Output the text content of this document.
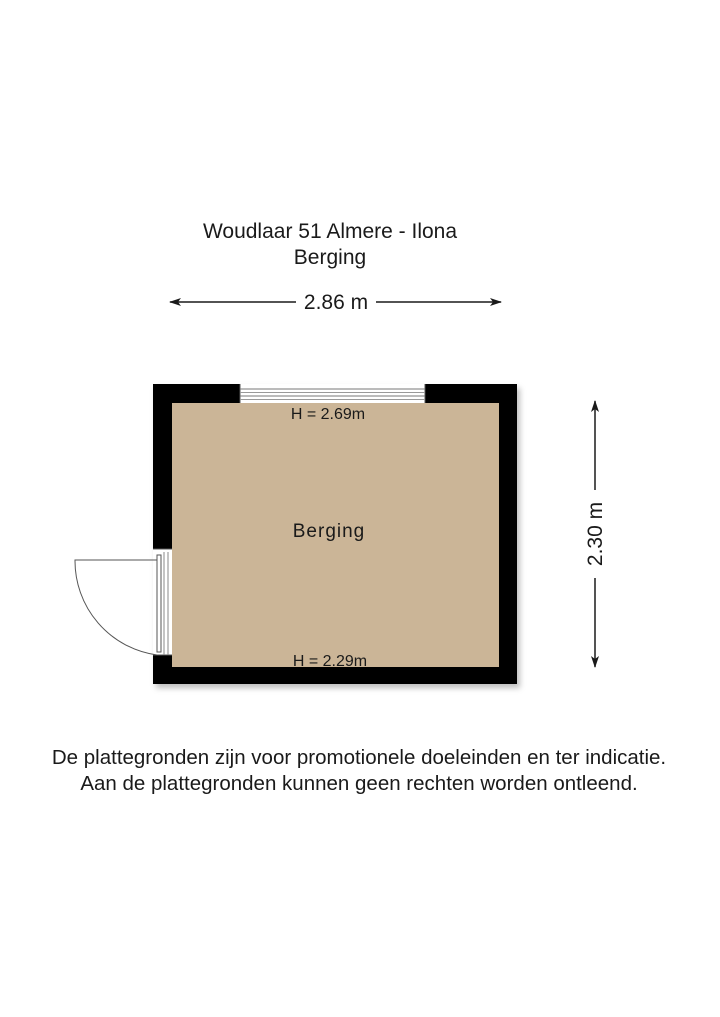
Woudlaar 51 Almere - Ilona
Berging
2.86 m
2.30 m
Berging
H = 2.69m
H = 2.29m
De plattegronden zijn voor promotionele doeleinden en ter indicatie.
Aan de plattegronden kunnen geen rechten worden ontleend.
